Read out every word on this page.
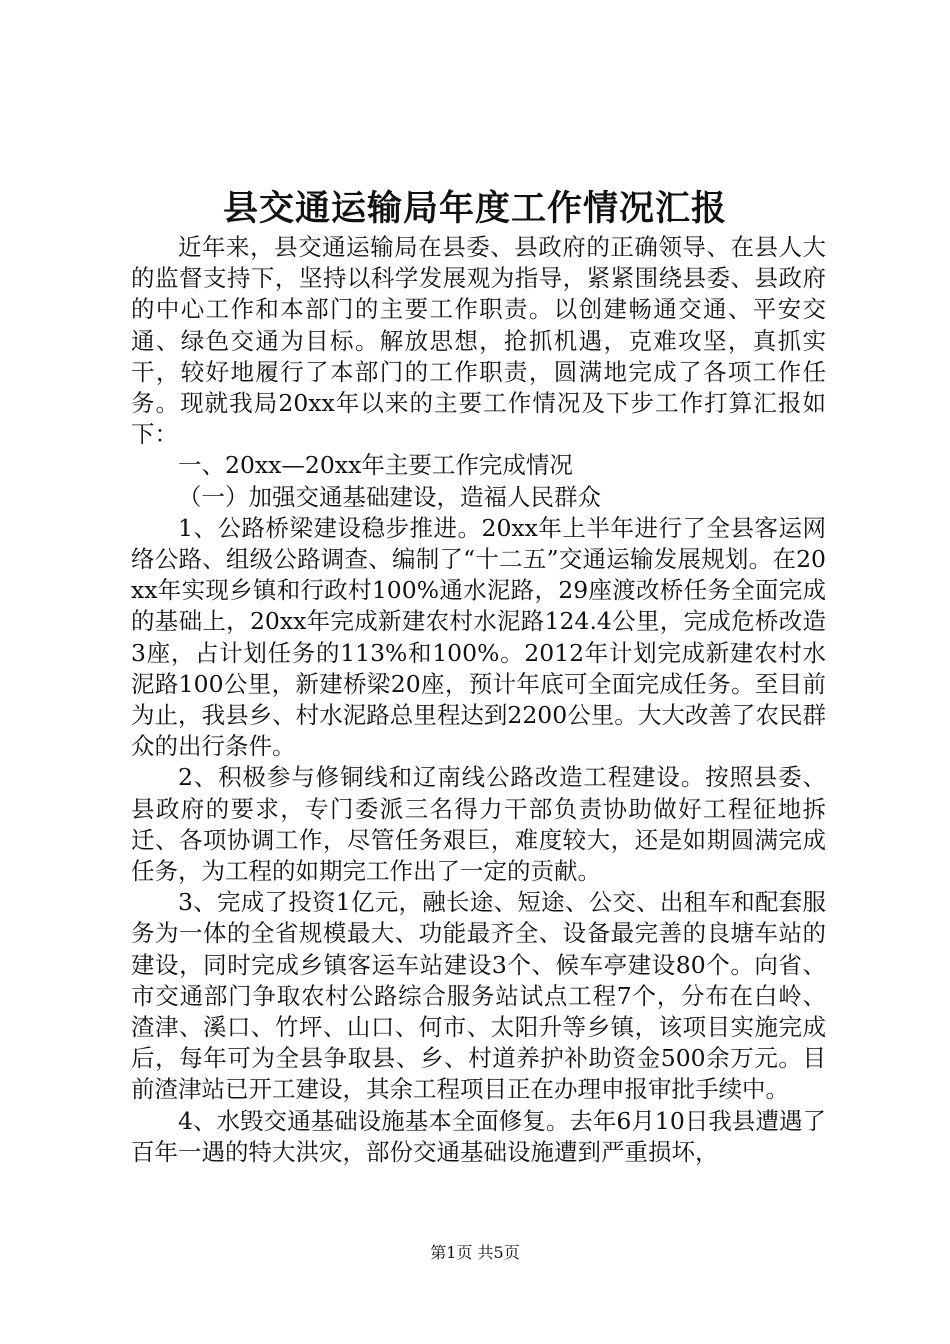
县交通运输局年度工作情况汇报

近年来，县交通运输局在县委、县政府的正确领导、在县人大的监督支持下，坚持以科学发展观为指导，紧紧围绕县委、县政府的中心工作和本部门的主要工作职责。以创建畅通交通、平安交通、绿色交通为目标。解放思想，抢抓机遇，克难攻坚，真抓实干，较好地履行了本部门的工作职责，圆满地完成了各项工作任务。现就我局20xx年以来的主要工作情况及下步工作打算汇报如下：

一、20xx—20xx年主要工作完成情况

（一）加强交通基础建设，造福人民群众

1、公路桥梁建设稳步推进。20xx年上半年进行了全县客运网络公路、组级公路调查、编制了“十二五”交通运输发展规划。在20xx年实现乡镇和行政村100%通水泥路，29座渡改桥任务全面完成的基础上，20xx年完成新建农村水泥路124.4公里，完成危桥改造3座，占计划任务的113%和100%。2012年计划完成新建农村水泥路100公里，新建桥梁20座，预计年底可全面完成任务。至目前为止，我县乡、村水泥路总里程达到2200公里。大大改善了农民群众的出行条件。

2、积极参与修铜线和辽南线公路改造工程建设。按照县委、县政府的要求，专门委派三名得力干部负责协助做好工程征地拆迁、各项协调工作，尽管任务艰巨，难度较大，还是如期圆满完成任务，为工程的如期完工作出了一定的贡献。

3、完成了投资1亿元，融长途、短途、公交、出租车和配套服务为一体的全省规模最大、功能最齐全、设备最完善的良塘车站的建设，同时完成乡镇客运车站建设3个、候车亭建设80个。向省、市交通部门争取农村公路综合服务站试点工程7个，分布在白岭、渣津、溪口、竹坪、山口、何市、太阳升等乡镇，该项目实施完成后，每年可为全县争取县、乡、村道养护补助资金500余万元。目前渣津站已开工建设，其余工程项目正在办理申报审批手续中。

4、水毁交通基础设施基本全面修复。去年6月10日我县遭遇了百年一遇的特大洪灾，部份交通基础设施遭到严重损坏，

第1页 共5页
